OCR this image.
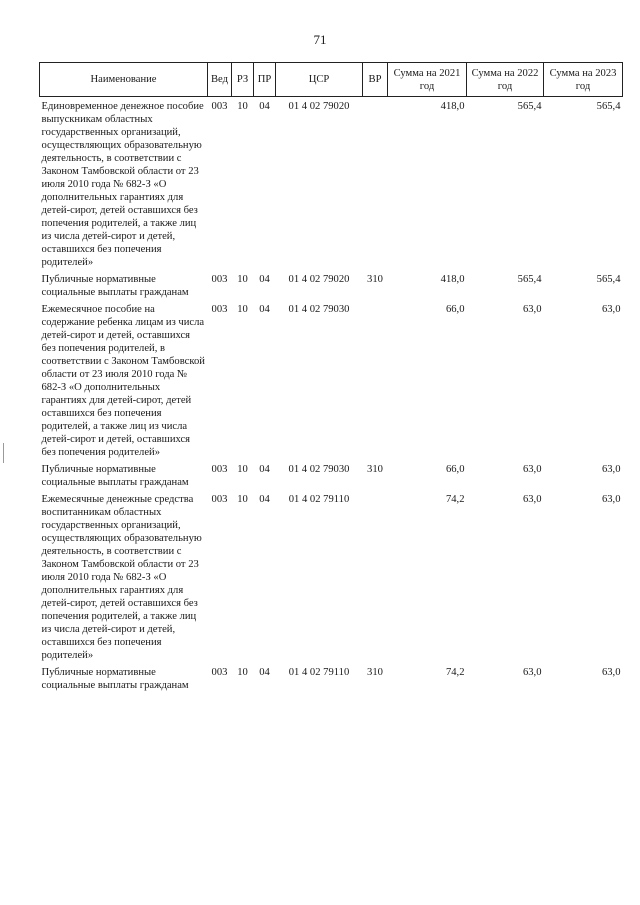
71
Наименование	Вед	РЗ	ПР	ЦСР	ВР	Сумма на 2021 год	Сумма на 2022 год	Сумма на 2023 год
Единовременное денежное пособие выпускникам областных государственных организаций, осуществляющих образовательную деятельность, в соответствии с Законом Тамбовской области от 23 июля 2010 года № 682-З «О дополнительных гарантиях для детей-сирот, детей оставшихся без попечения родителей, а также лиц из числа детей-сирот и детей, оставшихся без попечения родителей»	003	10	04	01 4 02 79020		418,0	565,4	565,4
Публичные нормативные социальные выплаты гражданам	003	10	04	01 4 02 79020	310	418,0	565,4	565,4
Ежемесячное пособие на содержание ребенка лицам из числа детей-сирот и детей, оставшихся без попечения родителей, в соответствии с Законом Тамбовской области от 23 июля 2010 года № 682-З «О дополнительных гарантиях для детей-сирот, детей оставшихся без попечения родителей, а также лиц из числа детей-сирот и детей, оставшихся без попечения родителей»	003	10	04	01 4 02 79030		66,0	63,0	63,0
Публичные нормативные социальные выплаты гражданам	003	10	04	01 4 02 79030	310	66,0	63,0	63,0
Ежемесячные денежные средства воспитанникам областных государственных организаций, осуществляющих образовательную деятельность, в соответствии с Законом Тамбовской области от 23 июля 2010 года № 682-З «О дополнительных гарантиях для детей-сирот, детей оставшихся без попечения родителей, а также лиц из числа детей-сирот и детей, оставшихся без попечения родителей»	003	10	04	01 4 02 79110		74,2	63,0	63,0
Публичные нормативные социальные выплаты гражданам	003	10	04	01 4 02 79110	310	74,2	63,0	63,0
